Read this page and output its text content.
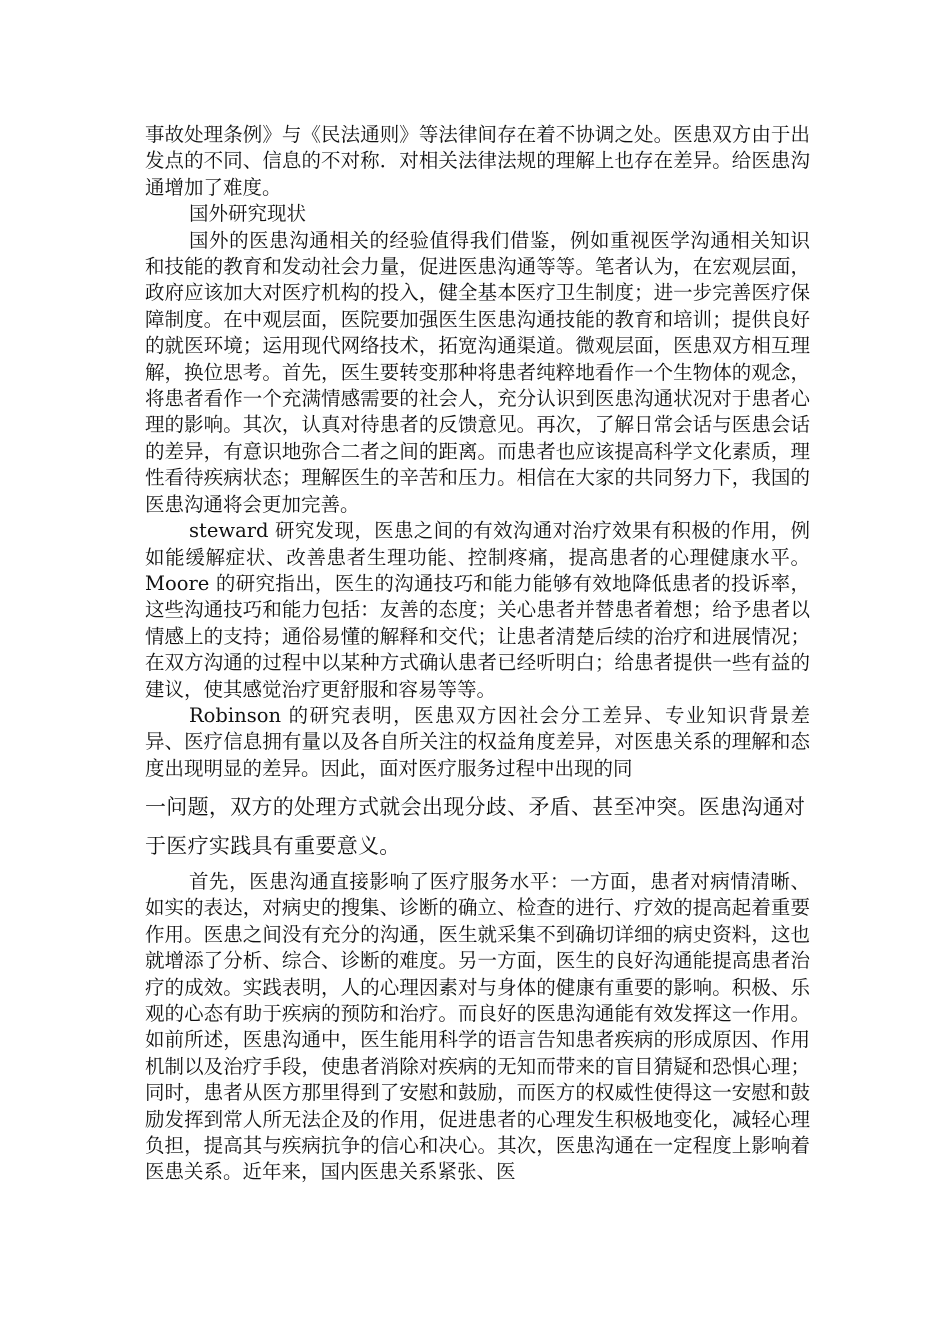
事故处理条例》与《民法通则》等法律间存在着不协调之处。医患双方由于出发点的不同、信息的不对称．对相关法律法规的理解上也存在差异。给医患沟通增加了难度。

国外研究现状

国外的医患沟通相关的经验值得我们借鉴，例如重视医学沟通相关知识和技能的教育和发动社会力量，促进医患沟通等等。笔者认为，在宏观层面，政府应该加大对医疗机构的投入，健全基本医疗卫生制度；进一步完善医疗保障制度。在中观层面，医院要加强医生医患沟通技能的教育和培训；提供良好的就医环境；运用现代网络技术，拓宽沟通渠道。微观层面，医患双方相互理解，换位思考。首先，医生要转变那种将患者纯粹地看作一个生物体的观念，将患者看作一个充满情感需要的社会人，充分认识到医患沟通状况对于患者心理的影响。其次，认真对待患者的反馈意见。再次，了解日常会话与医患会话的差异，有意识地弥合二者之间的距离。而患者也应该提高科学文化素质，理性看待疾病状态；理解医生的辛苦和压力。相信在大家的共同努力下，我国的医患沟通将会更加完善。

steward 研究发现，医患之间的有效沟通对治疗效果有积极的作用，例如能缓解症状、改善患者生理功能、控制疼痛，提高患者的心理健康水平。Moore 的研究指出，医生的沟通技巧和能力能够有效地降低患者的投诉率，这些沟通技巧和能力包括：友善的态度；关心患者并替患者着想；给予患者以情感上的支持；通俗易懂的解释和交代；让患者清楚后续的治疗和进展情况；在双方沟通的过程中以某种方式确认患者已经听明白；给患者提供一些有益的建议，使其感觉治疗更舒服和容易等等。

Robinson 的研究表明，医患双方因社会分工差异、专业知识背景差异、医疗信息拥有量以及各自所关注的权益角度差异，对医患关系的理解和态度出现明显的差异。因此，面对医疗服务过程中出现的同

一问题，双方的处理方式就会出现分歧、矛盾、甚至冲突。医患沟通对

于医疗实践具有重要意义。

首先，医患沟通直接影响了医疗服务水平：一方面，患者对病情清晰、如实的表达，对病史的搜集、诊断的确立、检查的进行、疗效的提高起着重要作用。医患之间没有充分的沟通，医生就采集不到确切详细的病史资料，这也就增添了分析、综合、诊断的难度。另一方面，医生的良好沟通能提高患者治疗的成效。实践表明，人的心理因素对与身体的健康有重要的影响。积极、乐观的心态有助于疾病的预防和治疗。而良好的医患沟通能有效发挥这一作用。如前所述，医患沟通中，医生能用科学的语言告知患者疾病的形成原因、作用机制以及治疗手段，使患者消除对疾病的无知而带来的盲目猜疑和恐惧心理；同时，患者从医方那里得到了安慰和鼓励，而医方的权威性使得这一安慰和鼓励发挥到常人所无法企及的作用，促进患者的心理发生积极地变化，减轻心理负担，提高其与疾病抗争的信心和决心。其次，医患沟通在一定程度上影响着医患关系。近年来，国内医患关系紧张、医
